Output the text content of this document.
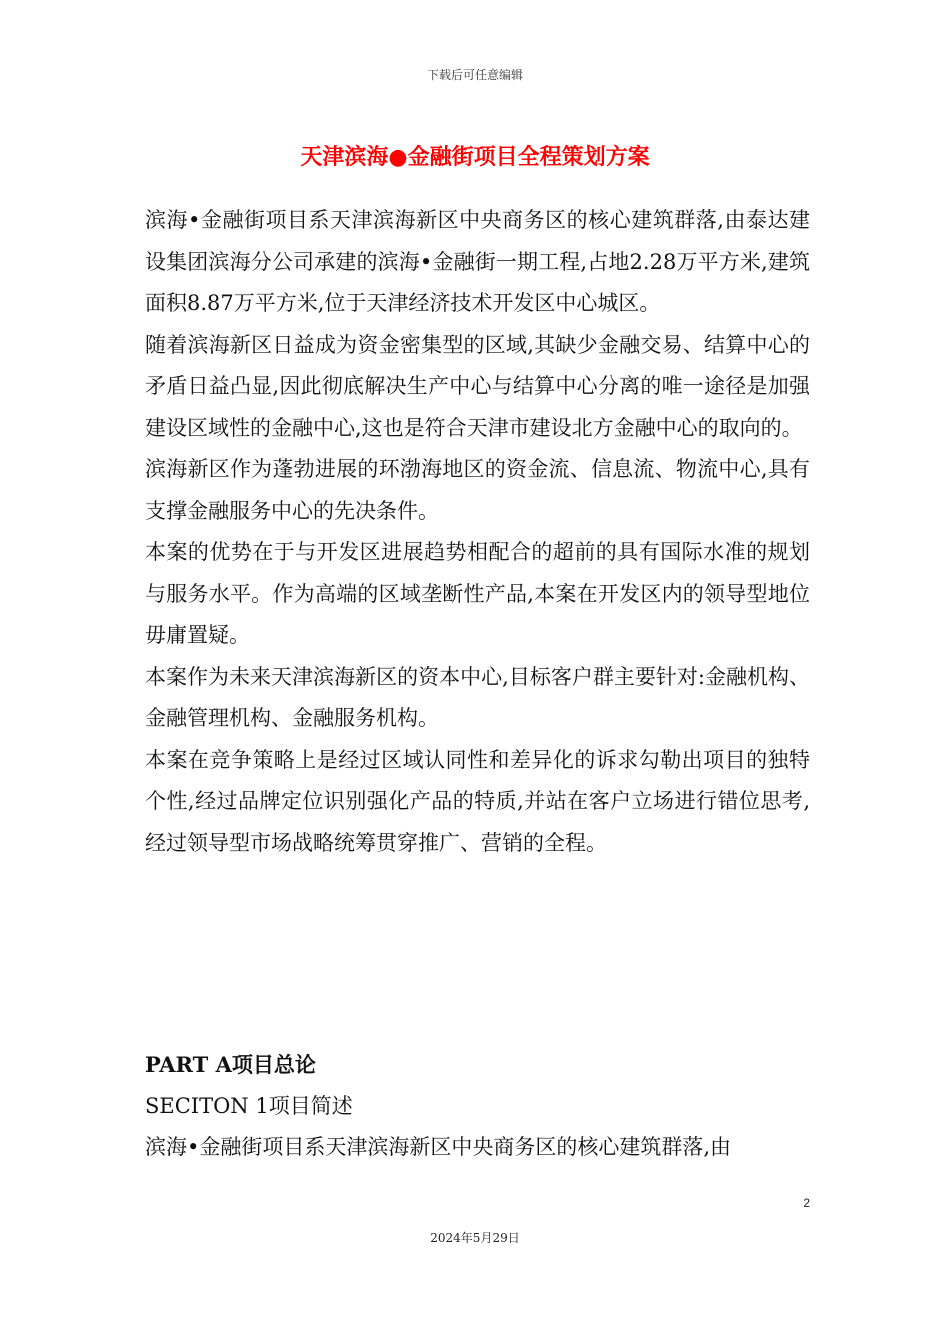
下载后可任意编辑
天津滨海●金融街项目全程策划方案

滨海•金融街项目系天津滨海新区中央商务区的核心建筑群落,由泰达建设集团滨海分公司承建的滨海•金融街一期工程,占地2.28万平方米,建筑面积8.87万平方米,位于天津经济技术开发区中心城区。

随着滨海新区日益成为资金密集型的区域,其缺少金融交易、结算中心的矛盾日益凸显,因此彻底解决生产中心与结算中心分离的唯一途径是加强建设区域性的金融中心,这也是符合天津市建设北方金融中心的取向的。

滨海新区作为蓬勃进展的环渤海地区的资金流、信息流、物流中心,具有支撑金融服务中心的先决条件。

本案的优势在于与开发区进展趋势相配合的超前的具有国际水准的规划与服务水平。作为高端的区域垄断性产品,本案在开发区内的领导型地位毋庸置疑。

本案作为未来天津滨海新区的资本中心,目标客户群主要针对:金融机构、金融管理机构、金融服务机构。

本案在竞争策略上是经过区域认同性和差异化的诉求勾勒出项目的独特个性,经过品牌定位识别强化产品的特质,并站在客户立场进行错位思考,经过领导型市场战略统筹贯穿推广、营销的全程。

PART A项目总论

SECITON 1项目简述

滨海•金融街项目系天津滨海新区中央商务区的核心建筑群落,由

2
2024年5月29日
